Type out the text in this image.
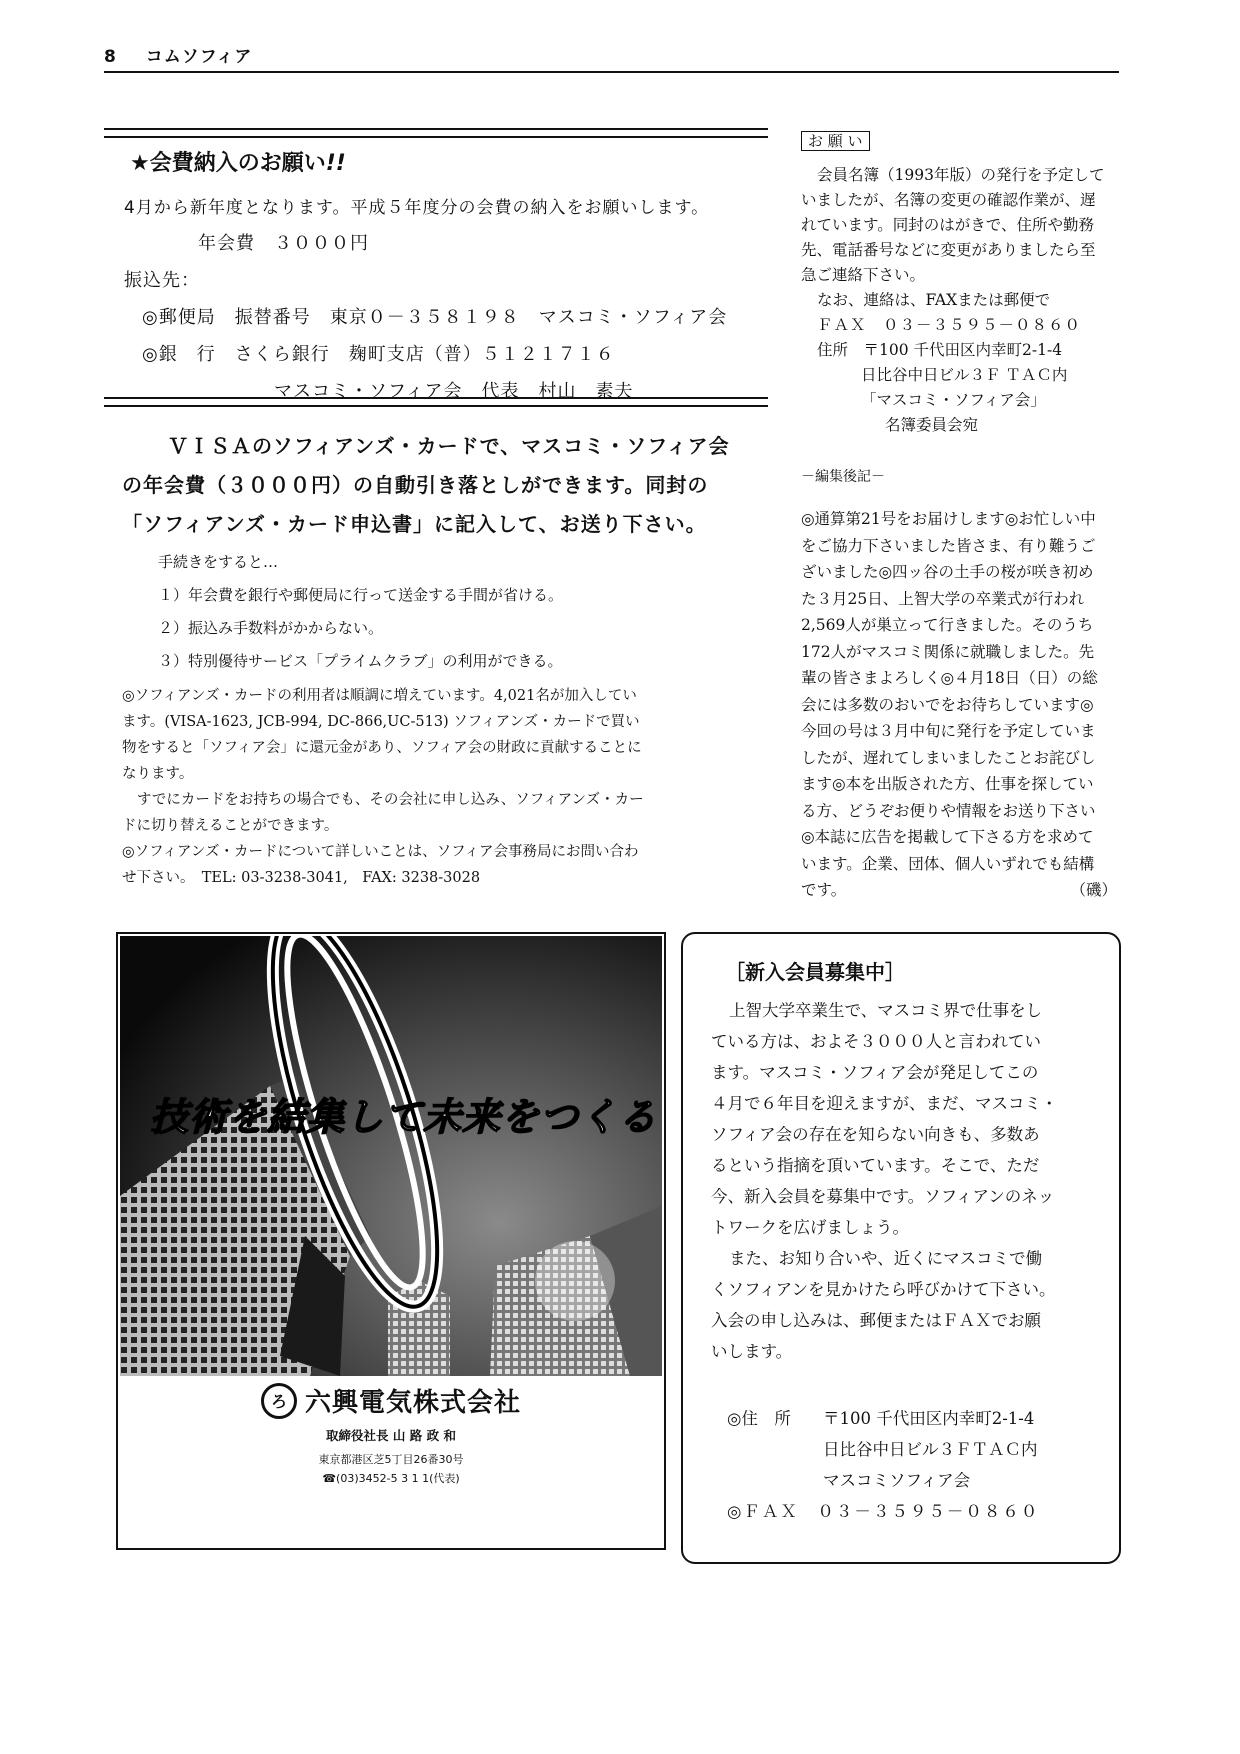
8 コムソフィア
★会費納入のお願い!!
4月から新年度となります。平成５年度分の会費の納入をお願いします。
年会費　３０００円
振込先：
◎郵便局　振替番号　東京０－３５８１９８　マスコミ・ソフィア会
◎銀　行　さくら銀行　麹町支店（普）５１２１７１６
マスコミ・ソフィア会　代表　村山　素夫
ＶＩＳＡのソフィアンズ・カードで、マスコミ・ソフィア会
の年会費（３０００円）の自動引き落としができます。同封の
「ソフィアンズ・カード申込書」に記入して、お送り下さい。
手続きをすると…
１）年会費を銀行や郵便局に行って送金する手間が省ける。
２）振込み手数料がかからない。
３）特別優待サービス「プライムクラブ」の利用ができる。
◎ソフィアンズ・カードの利用者は順調に増えています。4,021名が加入してい
ます。(VISA-1623, JCB-994, DC-866,UC-513) ソフィアンズ・カードで買い
物をすると「ソフィア会」に還元金があり、ソフィア会の財政に貢献することに
なります。
すでにカードをお持ちの場合でも、その会社に申し込み、ソフィアンズ・カー
ドに切り替えることができます。
◎ソフィアンズ・カードについて詳しいことは、ソフィア会事務局にお問い合わ
せ下さい。　TEL: 03-3238-3041,　FAX: 3238-3028
お 願 い
会員名簿（1993年版）の発行を予定して
いましたが、名簿の変更の確認作業が、遅
れています。同封のはがきで、住所や勤務
先、電話番号などに変更がありましたら至
急ご連絡下さい。
なお、連絡は、FAXまたは郵便で
ＦＡＸ　０３－３５９５－０８６０
住所　〒100 千代田区内幸町2-1-4
日比谷中日ビル３Ｆ ＴＡＣ内
「マスコミ・ソフィア会」
名簿委員会宛
－編集後記－
◎通算第21号をお届けします◎お忙しい中
をご協力下さいました皆さま、有り難うご
ざいました◎四ッ谷の土手の桜が咲き初め
た３月25日、上智大学の卒業式が行われ
2,569人が巣立って行きました。そのうち
172人がマスコミ関係に就職しました。先
輩の皆さまよろしく◎４月18日（日）の総
会には多数のおいでをお待ちしています◎
今回の号は３月中旬に発行を予定していま
したが、遅れてしまいましたことお詫びし
ます◎本を出版された方、仕事を探してい
る方、どうぞお便りや情報をお送り下さい
◎本誌に広告を掲載して下さる方を求めて
います。企業、団体、個人いずれでも結構
です。	（磯）
技術を結集して未来をつくる
ろ 六興電気株式会社
取締役社長 山 路 政 和
東京都港区芝5丁目26番30号
☎(03)3452-5 3 1 1(代表)
［新入会員募集中］
上智大学卒業生で、マスコミ界で仕事をし
ている方は、およそ３０００人と言われてい
ます。マスコミ・ソフィア会が発足してこの
４月で６年目を迎えますが、まだ、マスコミ・
ソフィア会の存在を知らない向きも、多数あ
るという指摘を頂いています。そこで、ただ
今、新入会員を募集中です。ソフィアンのネッ
トワークを広げましょう。
また、お知り合いや、近くにマスコミで働
くソフィアンを見かけたら呼びかけて下さい。
入会の申し込みは、郵便またはＦＡＸでお願
いします。
◎住　所 〒100 千代田区内幸町2-1-4
日比谷中日ビル３ＦＴＡＣ内
マスコミソフィア会
◎ＦＡＸ　０３－３５９５－０８６０
